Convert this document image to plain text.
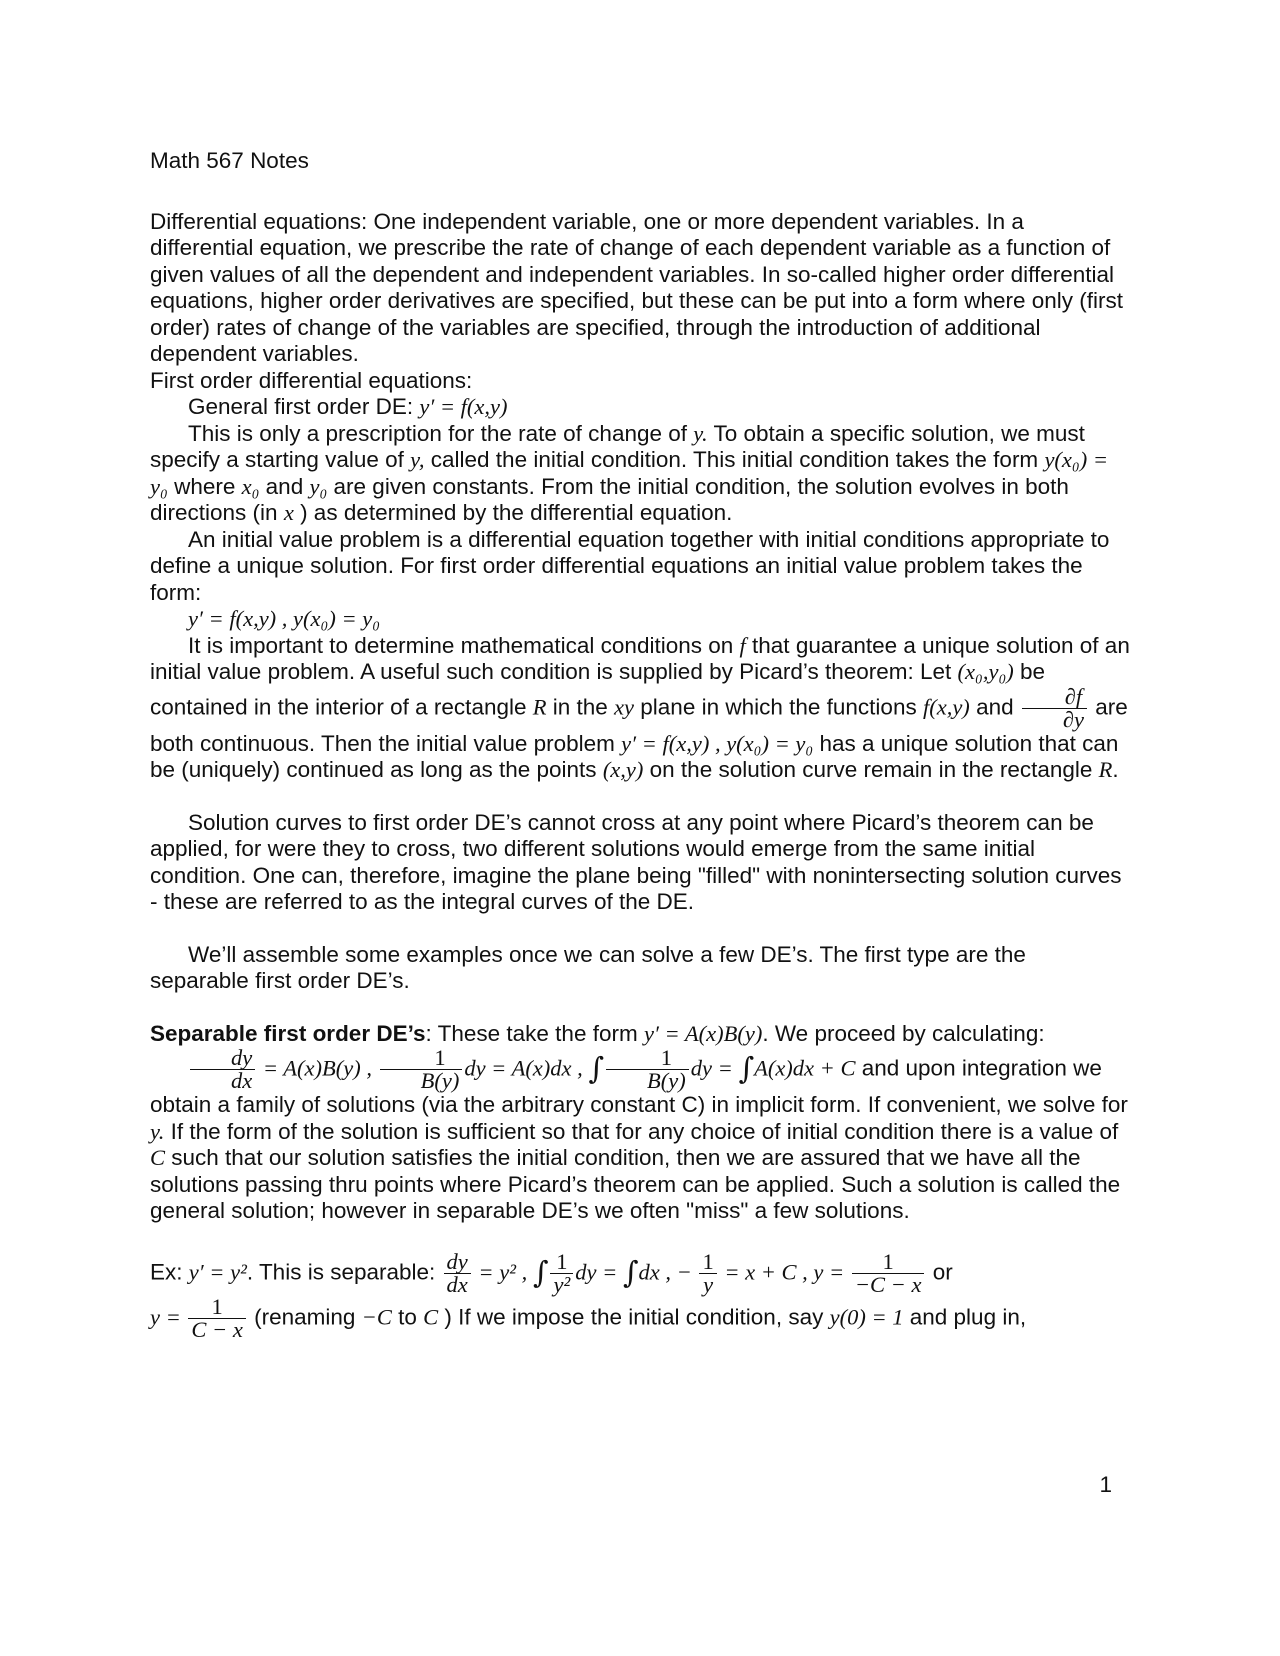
Math 567 Notes

Differential equations: One independent variable, one or more dependent variables. In a differential equation, we prescribe the rate of change of each dependent variable as a function of given values of all the dependent and independent variables. In so-called higher order differential equations, higher order derivatives are specified, but these can be put into a form where only (first order) rates of change of the variables are specified, through the introduction of additional dependent variables.

First order differential equations:

General first order DE: y′ = f(x,y)

This is only a prescription for the rate of change of y. To obtain a specific solution, we must specify a starting value of y, called the initial condition. This initial condition takes the form y(x₀) = y₀ where x₀ and y₀ are given constants. From the initial condition, the solution evolves in both directions (in x ) as determined by the differential equation.

An initial value problem is a differential equation together with initial conditions appropriate to define a unique solution. For first order differential equations an initial value problem takes the form:

y′ = f(x,y) , y(x₀) = y₀

It is important to determine mathematical conditions on f that guarantee a unique solution of an initial value problem. A useful such condition is supplied by Picard’s theorem: Let (x₀,y₀) be contained in the interior of a rectangle R in the xy plane in which the functions f(x,y) and $\frac{\partial f}{\partial y}$ are both continuous. Then the initial value problem y′ = f(x,y) , y(x₀) = y₀ has a unique solution that can be (uniquely) continued as long as the points (x,y) on the solution curve remain in the rectangle R.

Solution curves to first order DE’s cannot cross at any point where Picard’s theorem can be applied, for were they to cross, two different solutions would emerge from the same initial condition. One can, therefore, imagine the plane being "filled" with nonintersecting solution curves - these are referred to as the integral curves of the DE.

We’ll assemble some examples once we can solve a few DE’s. The first type are the separable first order DE’s.

Separable first order DE’s: These take the form y′ = A(x)B(y). We proceed by calculating:

$\frac{dy}{dx} = A(x)B(y)$ , $\frac{1}{B(y)}$ dy = A(x)dx , ∫ $\frac{1}{B(y)}$ dy = ∫A(x)dx + C and upon integration we obtain a family of solutions (via the arbitrary constant C) in implicit form. If convenient, we solve for y. If the form of the solution is sufficient so that for any choice of initial condition there is a value of C such that our solution satisfies the initial condition, then we are assured that we have all the solutions passing thru points where Picard’s theorem can be applied. Such a solution is called the general solution; however in separable DE’s we often "miss" a few solutions.

Ex: y′ = y². This is separable: $\frac{dy}{dx} = y^2$ , ∫ $\frac{1}{\text{y²}}$ dy = ∫dx , − $\frac{1}{y} = x + C$ , $y = \frac{1}{-C - x}$ or
$y = \frac{1}{C - x}$ (renaming −C to C ) If we impose the initial condition, say y(0) = 1 and plug in,

1
